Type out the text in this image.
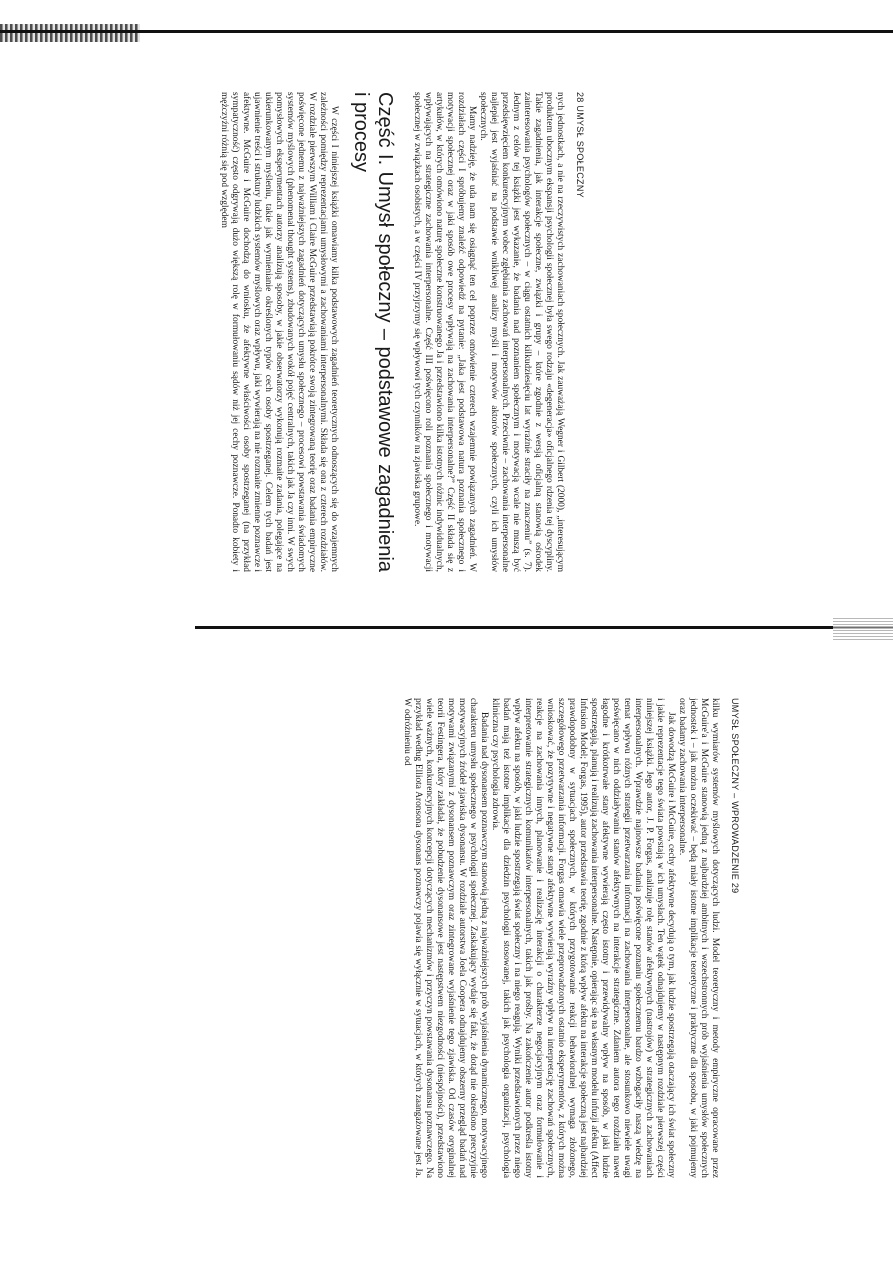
28 UMYSŁ SPOŁECZNY

nych jednostkach, a nie na rzeczywistych zachowaniach społecznych. Jak zauważają Wegner i Gilbert (2000), „interesującym produktem ubocznym ekspansji psychologii społecznej była swego rodzaju «degeneracja» oficjalnego rdzenia tej dyscypliny. Takie zagadnienia, jak interakcje społeczne, związki i grupy – które zgodnie z wersją oficjalną stanowią ośrodek zainteresowania psychologów społecznych – w ciągu ostatnich kilkudziesięciu lat wyraźnie straciły na znaczeniu” (s. 7). Jednym z celów tej książki jest wykazanie, że badania nad poznaniem społecznym i motywacją wcale nie muszą być przedsięwzięciem konkurencyjnym wobec zgłębiania zachowań interpersonalnych. Przeciwnie – zachowania interpersonalne najlepiej jest wyjaśniać na podstawie wnikliwej analizy myśli i motywów aktorów społecznych, czyli ich umysłów społecznych.

Mamy nadzieję, że uda nam się osiągnąć ten cel poprzez omówienie czterech wzajemnie powiązanych zagadnień. W rozdziałach części I spróbujemy znaleźć odpowiedź na pytanie: „Jaka jest podstawowa natura poznania społecznego i motywacji społecznej oraz w jaki sposób owe procesy wpływają na zachowania interpersonalne?” Część II składa się z artykułów, w których omówiono naturę społeczne konstruowanego Ja i przedstawiono kilka istotnych różnic indywidualnych, wpływających na strategiczne zachowania interpersonalne. Część III poświęcono roli poznania społecznego i motywacji społecznej w związkach osobistych, a w części IV przyjrzymy się wpływowi tych czynników na zjawiska grupowe.

Część I. Umysł społeczny – podstawowe zagadnienia i procesy

W części I niniejszej książki omawiamy kilka podstawowych zagadnień teoretycznych odnoszących się do wzajemnych zależności pomiędzy reprezentacjami umysłowymi a zachowaniami interpersonalnymi. Składa się ona z czterech rozdziałów. W rozdziale pierwszym William i Claire McGuire przedstawiają pokrótce swoją zintegrowaną teorię oraz badania empiryczne poświęcone jednemu z najważniejszych zagadnień dotyczących umysłu społecznego – procesowi powstawania świadomych systemów myślowych (phenomenal thought systems), zbudowanych wokół pojęć centralnych, takich jak Ja czy inni. W swych pomysłowych eksperymentach autorzy analizują sposoby, w jakie obserwatorzy wykonują rozmaite zadania, polegające na ukierunkowanym myśleniu, takie jak wymienianie określonych typów cech osoby spostrzeganej. Celem tych badań jest ujawnienie treści i struktury ludzkich systemów myślowych oraz wpływu, jaki wywierają na nie rozmaite zmienne poznawcze i afektywne. McGuire i McGuire dochodzą do wniosku, że afektywne właściwości osoby spostrzeganej (na przykład sympatyczność) często odgrywają dużo większą rolę w formułowaniu sądów niż jej cechy poznawcze. Ponadto kobiety i mężczyźni różnią się pod względem

UMYSŁ SPOŁECZNY – WPROWADZENIE 29

kilku wymiarów systemów myślowych dotyczących ludzi. Model teoretyczny i metody empiryczne opracowane przez McGuire'a i McGuire stanowią jedną z najbardziej ambitnych i wszechstronnych prób wyjaśnienia umysłów społecznych jednostek i – jak można oczekiwać – będą miały istotne implikacje teoretyczne i praktyczne dla sposobu, w jaki pojmujemy oraz badamy zachowania interpersonalne.

Jak dowodzą McGuire i McGuire, cechy afektywne decydują o tym, jak ludzie spostrzegają otaczający ich świat społeczny i jakie reprezentacje tego świata powstają w ich umysłach. Ten wątek odnajdujemy w następnym rozdziale pierwszej części niniejszej książki. Jego autor, J. P. Forgas, analizuje rolę stanów afektywnych (nastrojów) w strategicznych zachowaniach interpersonalnych. Wprawdzie najnowsze badania poświęcone poznaniu społecznemu bardzo wzbogaciły naszą wiedzę na temat wpływu różnych strategii przetwarzania informacji na zachowania interpersonalne, ale stosunkowo niewiele uwagi poświęcano w nich oddziaływaniu stanów afektywnych na interakcje strategiczne. Zdaniem autora tego rozdziału nawet łagodne i krótkotrwałe stany afektywne wywierają często istotny i przewidywalny wpływ na sposób, w jaki ludzie spostrzegają, planują i realizują zachowania interpersonalne. Następnie, opierając się na własnym modelu infuzji afektu (Affect Infusion Model; Forgas, 1995), autor przedstawia teorię, zgodnie z którą wpływ afektu na interakcje społeczną jest najbardziej prawdopodobny w sytuacjach społecznych, w których przygotowanie reakcji behawioralnej wymaga złożonego, szczegółowego przetwarzania informacji. Forgas omawia wiele przeprowadzonych ostatnio eksperymentów, z których można wnioskować, że pozytywne i negatywne stany afektywne wywierają wyraźny wpływ na interpretację zachowań społecznych, reakcje na zachowania innych, planowanie i realizację interakcji o charakterze negocjacyjnym oraz formułowanie i interpretowanie strategicznych komunikatów interpersonalnych, takich jak prośby. Na zakończenie autor podkreśla istotny wpływ afektu na sposób, w jaki ludzie spostrzegają świat społeczny i na niego reagują. Wyniki przedstawionych przez niego badań mają też istotne implikacje dla dziedzin psychologii stosowanej, takich jak psychologia organizacji, psychologia kliniczna czy psychologia zdrowia.

Badania nad dysonansem poznawczym stanowią jedną z najważniejszych prób wyjaśnienia dynamicznego, motywacyjnego charakteru umysłu społecznego w psychologii społecznej. Zaskakujący wydaje się fakt, że dotąd nie określono precyzyjnie motywacyjnych źródeł zjawiska dysonansu. W rozdziale autorstwa Joela Coopera odnajdujemy obszerny przegląd badań nad motywami związanymi z dysonansem poznawczym oraz zintegrowane wyjaśnienie tego zjawiska. Od czasów oryginalnej teorii Festingera, który zakładał, że pobudzenie dysonansowe jest następstwem niezgodności (niespójności), przedstawiono wiele ważnych, konkurencyjnych koncepcji dotyczących mechanizmów i przyczyn powstawania dysonansu poznawczego. Na przykład według Elliota Aronsona dysonans poznawczy pojawia się wyłącznie w sytuacjach, w których zaangażowane jest Ja. W odróżnieniu od
